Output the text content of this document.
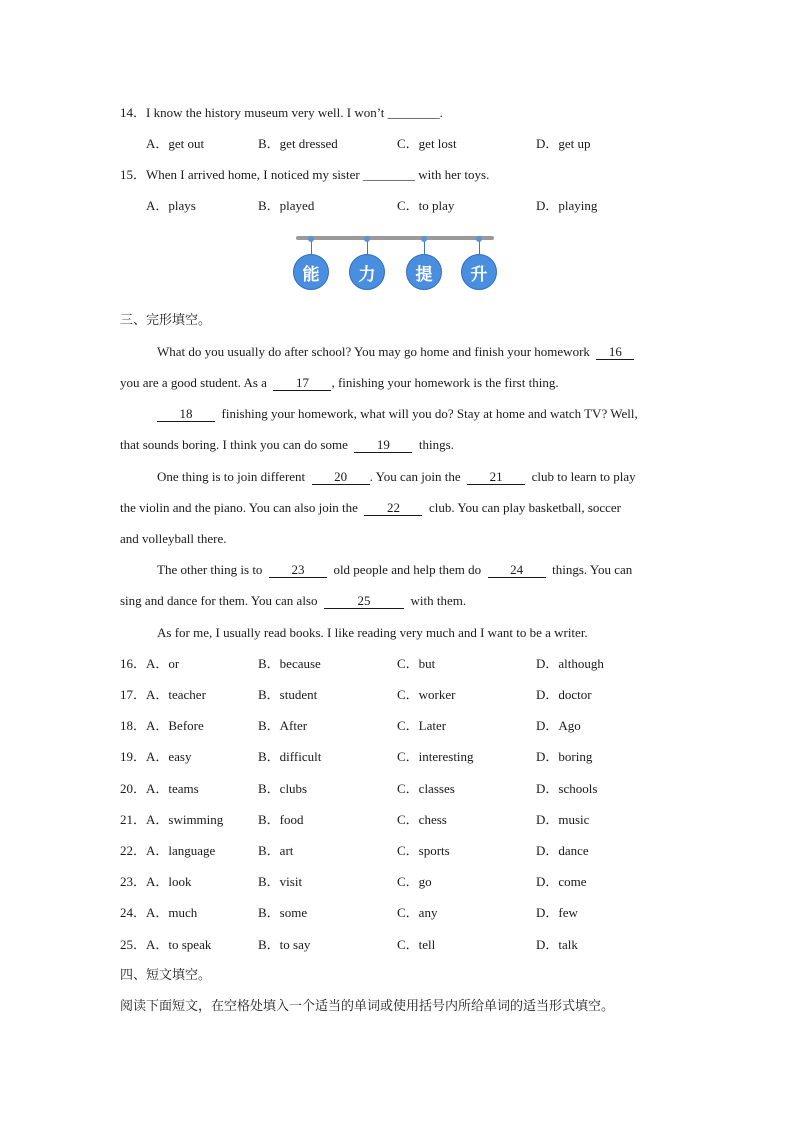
14．I know the history museum very well. I won’t ________.
A．get out	B．get dressed	C．get lost	D．get up
15．When I arrived home, I noticed my sister ________ with her toys.
A．plays	B．played	C．to play	D．playing
能	力	提	升
三、完形填空。
What do you usually do after school? You may go home and finish your homework 16
you are a good student. As a 17 , finishing your homework is the first thing.
18 finishing your homework, what will you do? Stay at home and watch TV? Well,
that sounds boring. I think you can do some 19 things.
One thing is to join different 20 . You can join the 21 club to learn to play
the violin and the piano. You can also join the 22 club. You can play basketball, soccer
and volleyball there.
The other thing is to 23 old people and help them do 24 things. You can
sing and dance for them. You can also	25	with them.
As for me, I usually read books. I like reading very much and I want to be a writer.
16．A．or	B．because	C．but	D．although
17．A．teacher	B．student	C．worker	D．doctor
18．A．Before	B．After	C．Later	D．Ago
19．A．easy	B．difficult	C．interesting	D．boring
20．A．teams	B．clubs	C．classes	D．schools
21．A．swimming	B．food	C．chess	D．music
22．A．language	B．art	C．sports	D．dance
23．A．look	B．visit	C．go	D．come
24．A．much	B．some	C．any	D．few
25．A．to speak	B．to say	C．tell	D．talk
四、短文填空。
阅读下面短文，在空格处填入一个适当的单词或使用括号内所给单词的适当形式填空。
